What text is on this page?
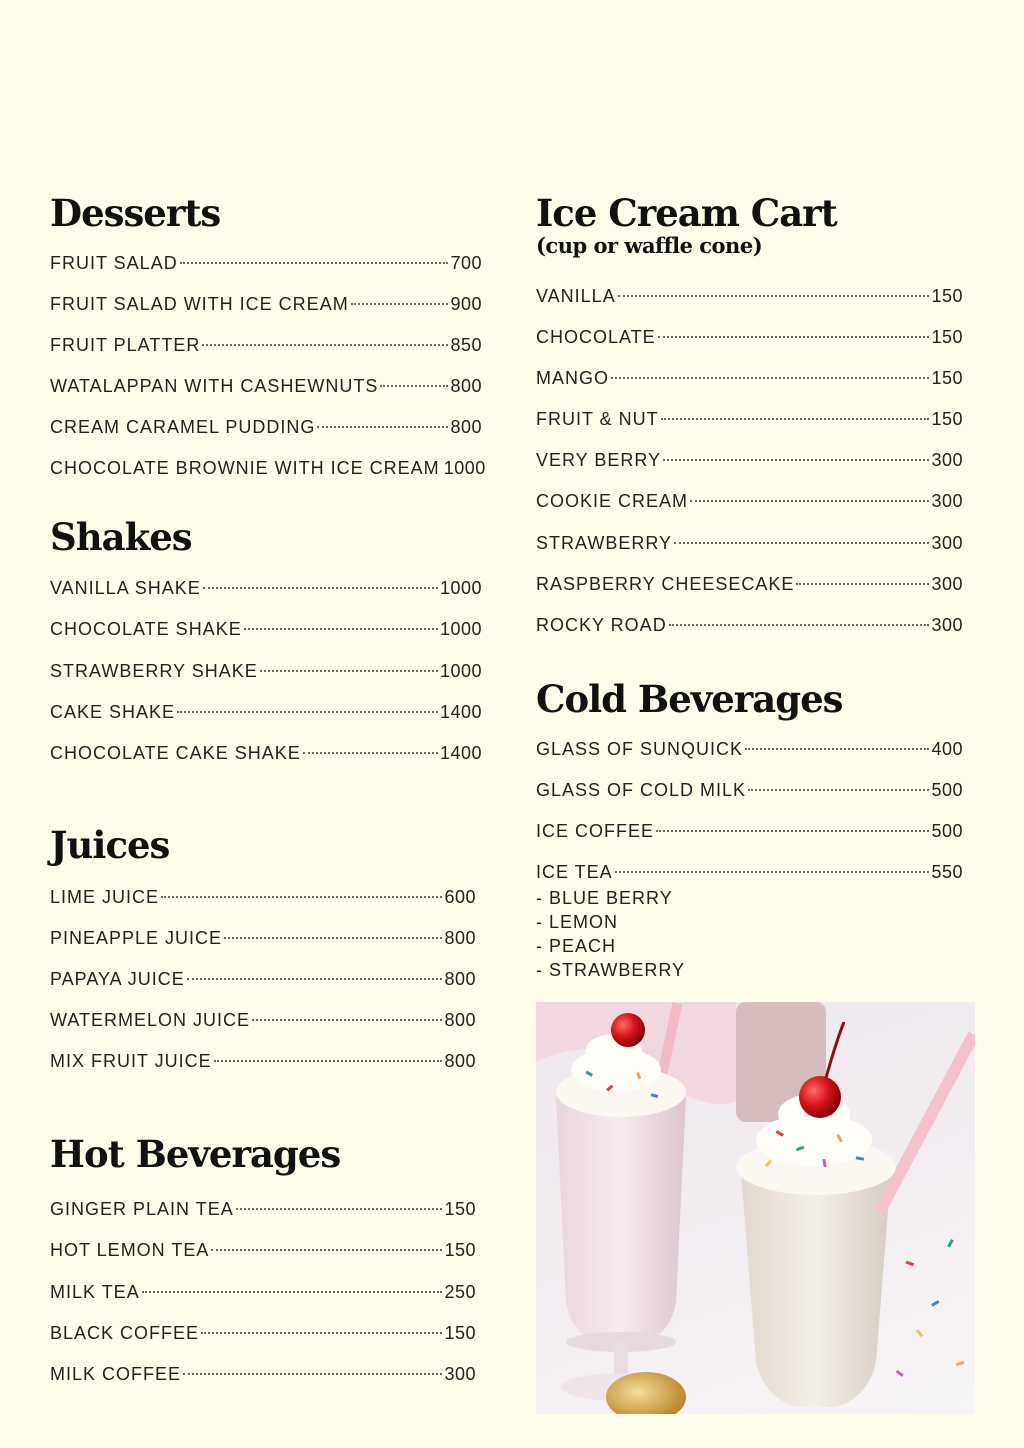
Desserts
FRUIT SALAD	700
FRUIT SALAD WITH ICE CREAM	900
FRUIT PLATTER	850
WATALAPPAN WITH CASHEWNUTS	800
CREAM CARAMEL PUDDING	800
CHOCOLATE BROWNIE WITH ICE CREAM 1000
Shakes
VANILLA SHAKE	1000
CHOCOLATE SHAKE	1000
STRAWBERRY SHAKE	1000
CAKE SHAKE	1400
CHOCOLATE CAKE SHAKE	1400
Juices
LIME JUICE	600
PINEAPPLE JUICE	800
PAPAYA JUICE	800
WATERMELON JUICE	800
MIX FRUIT JUICE	800
Hot Beverages
GINGER PLAIN TEA	150
HOT LEMON TEA	150
MILK TEA	250
BLACK COFFEE	150
MILK COFFEE	300
Ice Cream Cart
(cup or waffle cone)
VANILLA	150
CHOCOLATE	150
MANGO	150
FRUIT & NUT	150
VERY BERRY	300
COOKIE CREAM	300
STRAWBERRY	300
RASPBERRY CHEESECAKE	300
ROCKY ROAD	300
Cold Beverages
GLASS OF SUNQUICK	400
GLASS OF COLD MILK	500
ICE COFFEE	500
ICE TEA	550
- BLUE BERRY
- LEMON
- PEACH
- STRAWBERRY
